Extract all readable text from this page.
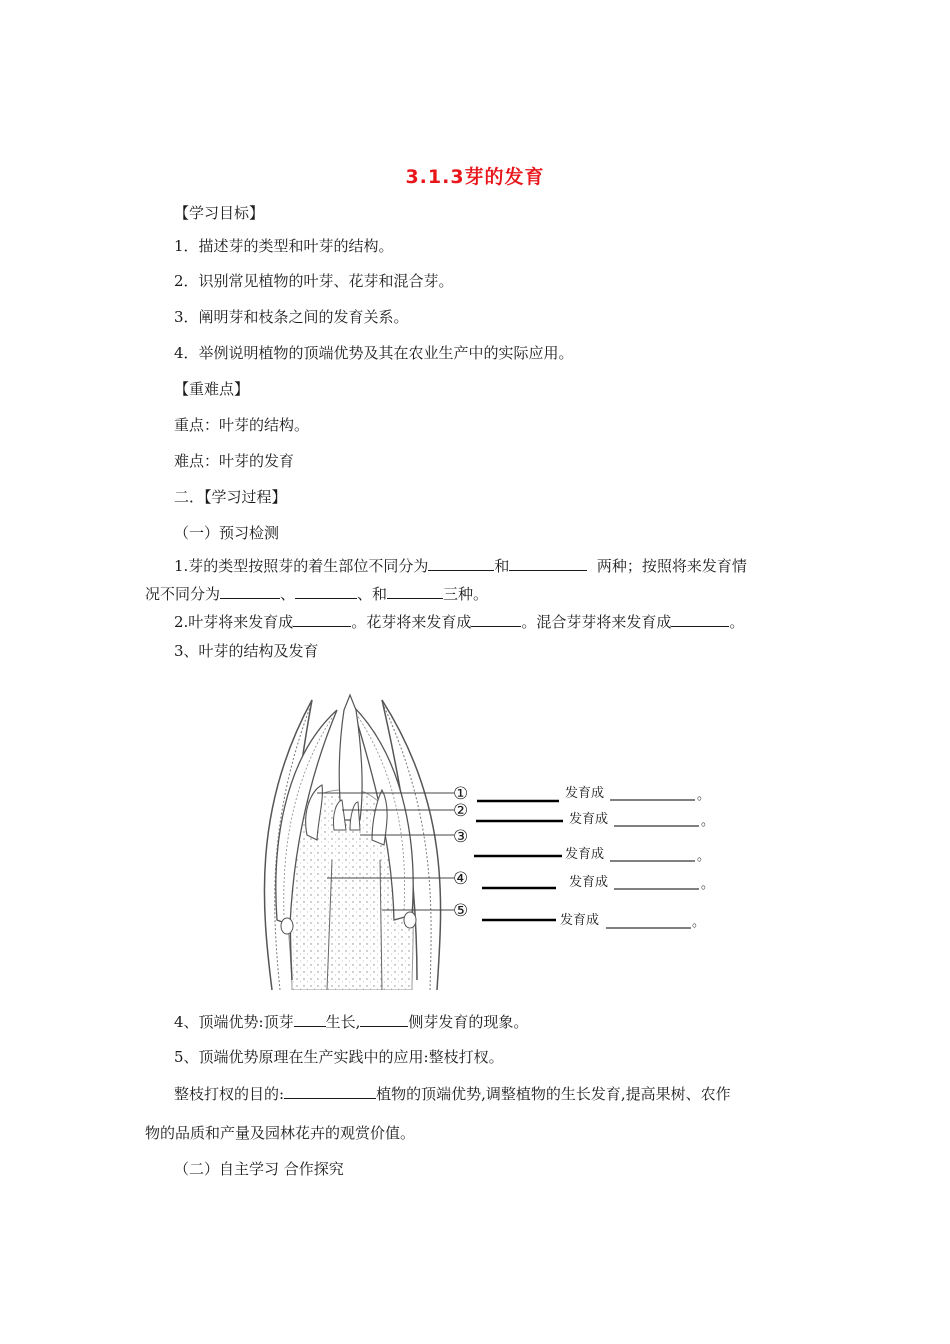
3.1.3芽的发育
【学习目标】
1．描述芽的类型和叶芽的结构。
2．识别常见植物的叶芽、花芽和混合芽。
3．阐明芽和枝条之间的发育关系。
4．举例说明植物的顶端优势及其在农业生产中的实际应用。
【重难点】
重点：叶芽的结构。
难点：叶芽的发育
二．【学习过程】
（一）预习检测
1.芽的类型按照芽的着生部位不同分为	和	两种；按照将来发育情
况不同分为	、	、和	三种。
2.叶芽将来发育成	。花芽将来发育成	。混合芽芽将来发育成	。
3、叶芽的结构及发育
①
②
③
④
⑤
发育成	。
发育成	。
发育成	。
发育成	。
发育成	。
4、顶端优势:顶芽 生长,	侧芽发育的现象。
5、顶端优势原理在生产实践中的应用:整枝打杈。
整枝打杈的目的:	植物的顶端优势,调整植物的生长发育,提高果树、农作
物的品质和产量及园林花卉的观赏价值。
（二）自主学习 合作探究
